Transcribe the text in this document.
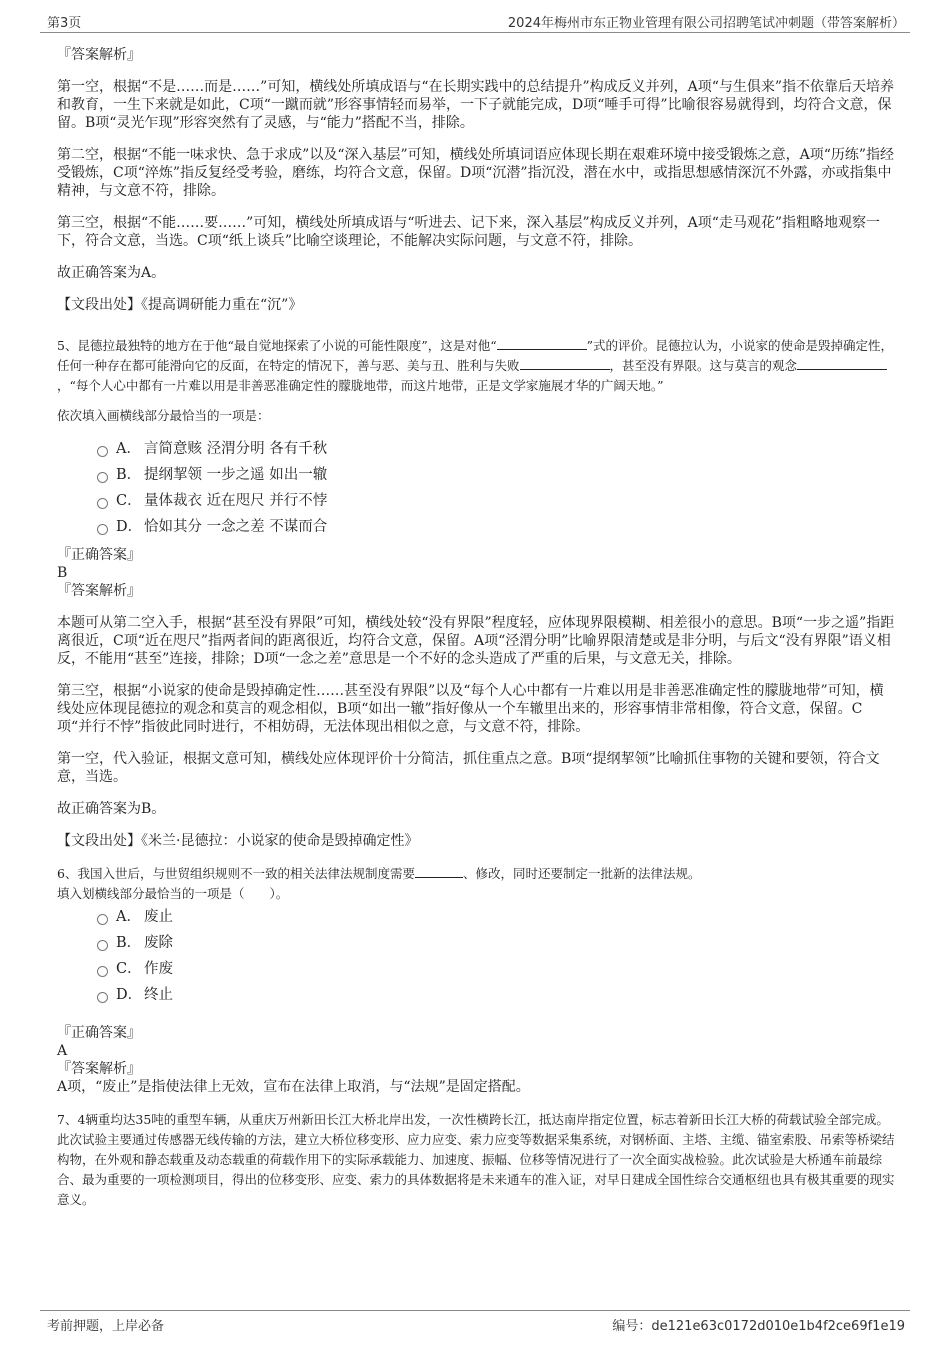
第3页	2024年梅州市东正物业管理有限公司招聘笔试冲刺题（带答案解析）

『答案解析』

第一空，根据“不是……而是……”可知，横线处所填成语与“在长期实践中的总结提升”构成反义并列，A项“与生俱来”指不依靠后天培养和教育，一生下来就是如此，C项“一蹴而就”形容事情轻而易举，一下子就能完成，D项“唾手可得”比喻很容易就得到，均符合文意，保留。B项“灵光乍现”形容突然有了灵感，与“能力”搭配不当，排除。

第二空，根据“不能一味求快、急于求成”以及“深入基层”可知，横线处所填词语应体现长期在艰难环境中接受锻炼之意，A项“历练”指经受锻炼，C项“淬炼”指反复经受考验，磨练，均符合文意，保留。D项“沉潜”指沉没，潜在水中，或指思想感情深沉不外露，亦或指集中精神，与文意不符，排除。

第三空，根据“不能……要……”可知，横线处所填成语与“听进去、记下来，深入基层”构成反义并列，A项“走马观花”指粗略地观察一下，符合文意，当选。C项“纸上谈兵”比喻空谈理论，不能解决实际问题，与文意不符，排除。

故正确答案为A。

【文段出处】《提高调研能力重在“沉”》

5、昆德拉最独特的地方在于他“最自觉地探索了小说的可能性限度”，这是对他“	”式的评价。昆德拉认为，小说家的使命是毁掉确定性，任何一种存在都可能滑向它的反面，在特定的情况下，善与恶、美与丑、胜利与失败	，甚至没有界限。这与莫言的观念，“每个人心中都有一片难以用是非善恶准确定性的朦胧地带，而这片地带，正是文学家施展才华的广阔天地。”

依次填入画横线部分最恰当的一项是：

A． 言简意赅 泾渭分明 各有千秋
B． 提纲挈领 一步之遥 如出一辙
C． 量体裁衣 近在咫尺 并行不悖
D． 恰如其分 一念之差 不谋而合

『正确答案』

B

『答案解析』

本题可从第二空入手，根据“甚至没有界限”可知，横线处较“没有界限”程度轻，应体现界限模糊、相差很小的意思。B项“一步之遥”指距离很近，C项“近在咫尺”指两者间的距离很近，均符合文意，保留。A项“泾渭分明”比喻界限清楚或是非分明，与后文“没有界限”语义相反，不能用“甚至”连接，排除；D项“一念之差”意思是一个不好的念头造成了严重的后果，与文意无关，排除。

第三空，根据“小说家的使命是毁掉确定性……甚至没有界限”以及“每个人心中都有一片难以用是非善恶准确定性的朦胧地带”可知，横线处应体现昆德拉的观念和莫言的观念相似，B项“如出一辙”指好像从一个车辙里出来的，形容事情非常相像，符合文意，保留。C项“并行不悖”指彼此同时进行，不相妨碍，无法体现出相似之意，与文意不符，排除。

第一空，代入验证，根据文意可知，横线处应体现评价十分简洁，抓住重点之意。B项“提纲挈领”比喻抓住事物的关键和要领，符合文意，当选。

故正确答案为B。

【文段出处】《米兰·昆德拉：小说家的使命是毁掉确定性》

6、我国入世后，与世贸组织规则不一致的相关法律法规制度需要	、修改，同时还要制定一批新的法律法规。

填入划横线部分最恰当的一项是（　　）。

A． 废止
B． 废除
C． 作废
D． 终止

『正确答案』

A

『答案解析』

A项，“废止”是指使法律上无效，宣布在法律上取消，与“法规”是固定搭配。

7、4辆重均达35吨的重型车辆，从重庆万州新田长江大桥北岸出发，一次性横跨长江，抵达南岸指定位置，标志着新田长江大桥的荷载试验全部完成。此次试验主要通过传感器无线传输的方法，建立大桥位移变形、应力应变、索力应变等数据采集系统，对钢桥面、主塔、主缆、锚室索股、吊索等桥梁结构物，在外观和静态载重及动态载重的荷载作用下的实际承载能力、加速度、振幅、位移等情况进行了一次全面实战检验。此次试验是大桥通车前最综合、最为重要的一项检测项目，得出的位移变形、应变、索力的具体数据将是未来通车的准入证，对早日建成全国性综合交通枢纽也具有极其重要的现实意义。

考前押题，上岸必备	编号：de121e63c0172d010e1b4f2ce69f1e19
